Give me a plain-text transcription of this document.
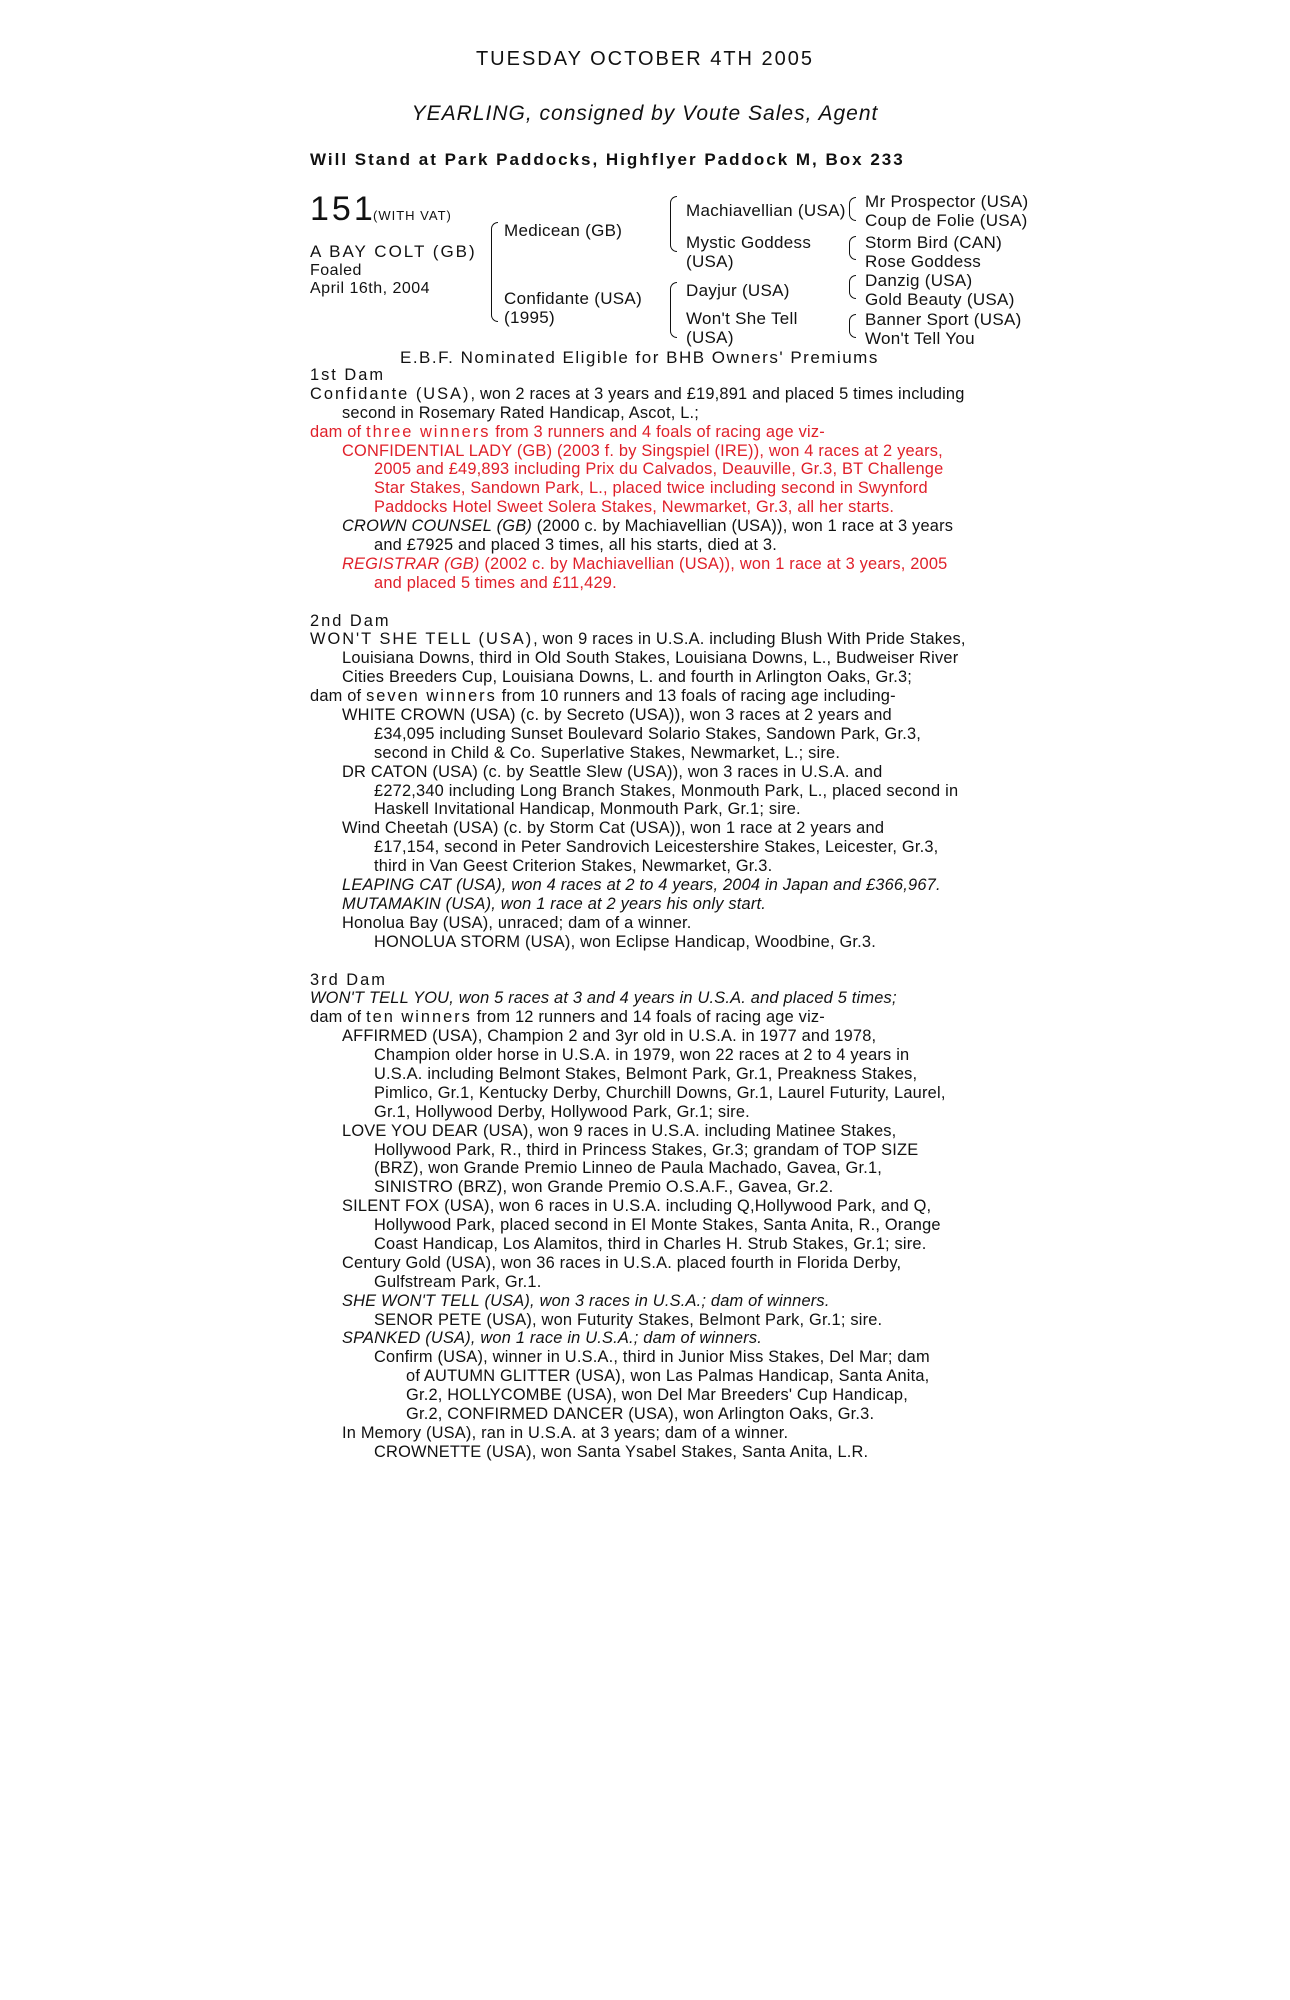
TUESDAY OCTOBER 4TH 2005
YEARLING, consigned by Voute Sales, Agent
Will Stand at Park Paddocks, Highflyer Paddock M, Box 233
151
(WITH VAT)
A BAY COLT (GB)
Foaled
April 16th, 2004
Medicean (GB)
Confidante (USA)
(1995)
Machiavellian (USA)
Mystic Goddess
(USA)
Dayjur (USA)
Won't She Tell
(USA)
Mr Prospector (USA)
Coup de Folie (USA)
Storm Bird (CAN)
Rose Goddess
Danzig (USA)
Gold Beauty (USA)
Banner Sport (USA)
Won't Tell You
E.B.F. Nominated Eligible for BHB Owners' Premiums
1st Dam
Confidante (USA), won 2 races at 3 years and £19,891 and placed 5 times including
second in Rosemary Rated Handicap, Ascot, L.;
dam of three winners from 3 runners and 4 foals of racing age viz-
CONFIDENTIAL LADY (GB) (2003 f. by Singspiel (IRE)), won 4 races at 2 years,
2005 and £49,893 including Prix du Calvados, Deauville, Gr.3, BT Challenge
Star Stakes, Sandown Park, L., placed twice including second in Swynford
Paddocks Hotel Sweet Solera Stakes, Newmarket, Gr.3, all her starts.
CROWN COUNSEL (GB) (2000 c. by Machiavellian (USA)), won 1 race at 3 years
and £7925 and placed 3 times, all his starts, died at 3.
REGISTRAR (GB) (2002 c. by Machiavellian (USA)), won 1 race at 3 years, 2005
and placed 5 times and £11,429.
2nd Dam
WON'T SHE TELL (USA), won 9 races in U.S.A. including Blush With Pride Stakes,
Louisiana Downs, third in Old South Stakes, Louisiana Downs, L., Budweiser River
Cities Breeders Cup, Louisiana Downs, L. and fourth in Arlington Oaks, Gr.3;
dam of seven winners from 10 runners and 13 foals of racing age including-
WHITE CROWN (USA) (c. by Secreto (USA)), won 3 races at 2 years and
£34,095 including Sunset Boulevard Solario Stakes, Sandown Park, Gr.3,
second in Child & Co. Superlative Stakes, Newmarket, L.; sire.
DR CATON (USA) (c. by Seattle Slew (USA)), won 3 races in U.S.A. and
£272,340 including Long Branch Stakes, Monmouth Park, L., placed second in
Haskell Invitational Handicap, Monmouth Park, Gr.1; sire.
Wind Cheetah (USA) (c. by Storm Cat (USA)), won 1 race at 2 years and
£17,154, second in Peter Sandrovich Leicestershire Stakes, Leicester, Gr.3,
third in Van Geest Criterion Stakes, Newmarket, Gr.3.
LEAPING CAT (USA), won 4 races at 2 to 4 years, 2004 in Japan and £366,967.
MUTAMAKIN (USA), won 1 race at 2 years his only start.
Honolua Bay (USA), unraced; dam of a winner.
HONOLUA STORM (USA), won Eclipse Handicap, Woodbine, Gr.3.
3rd Dam
WON'T TELL YOU, won 5 races at 3 and 4 years in U.S.A. and placed 5 times;
dam of ten winners from 12 runners and 14 foals of racing age viz-
AFFIRMED (USA), Champion 2 and 3yr old in U.S.A. in 1977 and 1978,
Champion older horse in U.S.A. in 1979, won 22 races at 2 to 4 years in
U.S.A. including Belmont Stakes, Belmont Park, Gr.1, Preakness Stakes,
Pimlico, Gr.1, Kentucky Derby, Churchill Downs, Gr.1, Laurel Futurity, Laurel,
Gr.1, Hollywood Derby, Hollywood Park, Gr.1; sire.
LOVE YOU DEAR (USA), won 9 races in U.S.A. including Matinee Stakes,
Hollywood Park, R., third in Princess Stakes, Gr.3; grandam of TOP SIZE
(BRZ), won Grande Premio Linneo de Paula Machado, Gavea, Gr.1,
SINISTRO (BRZ), won Grande Premio O.S.A.F., Gavea, Gr.2.
SILENT FOX (USA), won 6 races in U.S.A. including Q,Hollywood Park, and Q,
Hollywood Park, placed second in El Monte Stakes, Santa Anita, R., Orange
Coast Handicap, Los Alamitos, third in Charles H. Strub Stakes, Gr.1; sire.
Century Gold (USA), won 36 races in U.S.A. placed fourth in Florida Derby,
Gulfstream Park, Gr.1.
SHE WON'T TELL (USA), won 3 races in U.S.A.; dam of winners.
SENOR PETE (USA), won Futurity Stakes, Belmont Park, Gr.1; sire.
SPANKED (USA), won 1 race in U.S.A.; dam of winners.
Confirm (USA), winner in U.S.A., third in Junior Miss Stakes, Del Mar; dam
of AUTUMN GLITTER (USA), won Las Palmas Handicap, Santa Anita,
Gr.2, HOLLYCOMBE (USA), won Del Mar Breeders' Cup Handicap,
Gr.2, CONFIRMED DANCER (USA), won Arlington Oaks, Gr.3.
In Memory (USA), ran in U.S.A. at 3 years; dam of a winner.
CROWNETTE (USA), won Santa Ysabel Stakes, Santa Anita, L.R.
